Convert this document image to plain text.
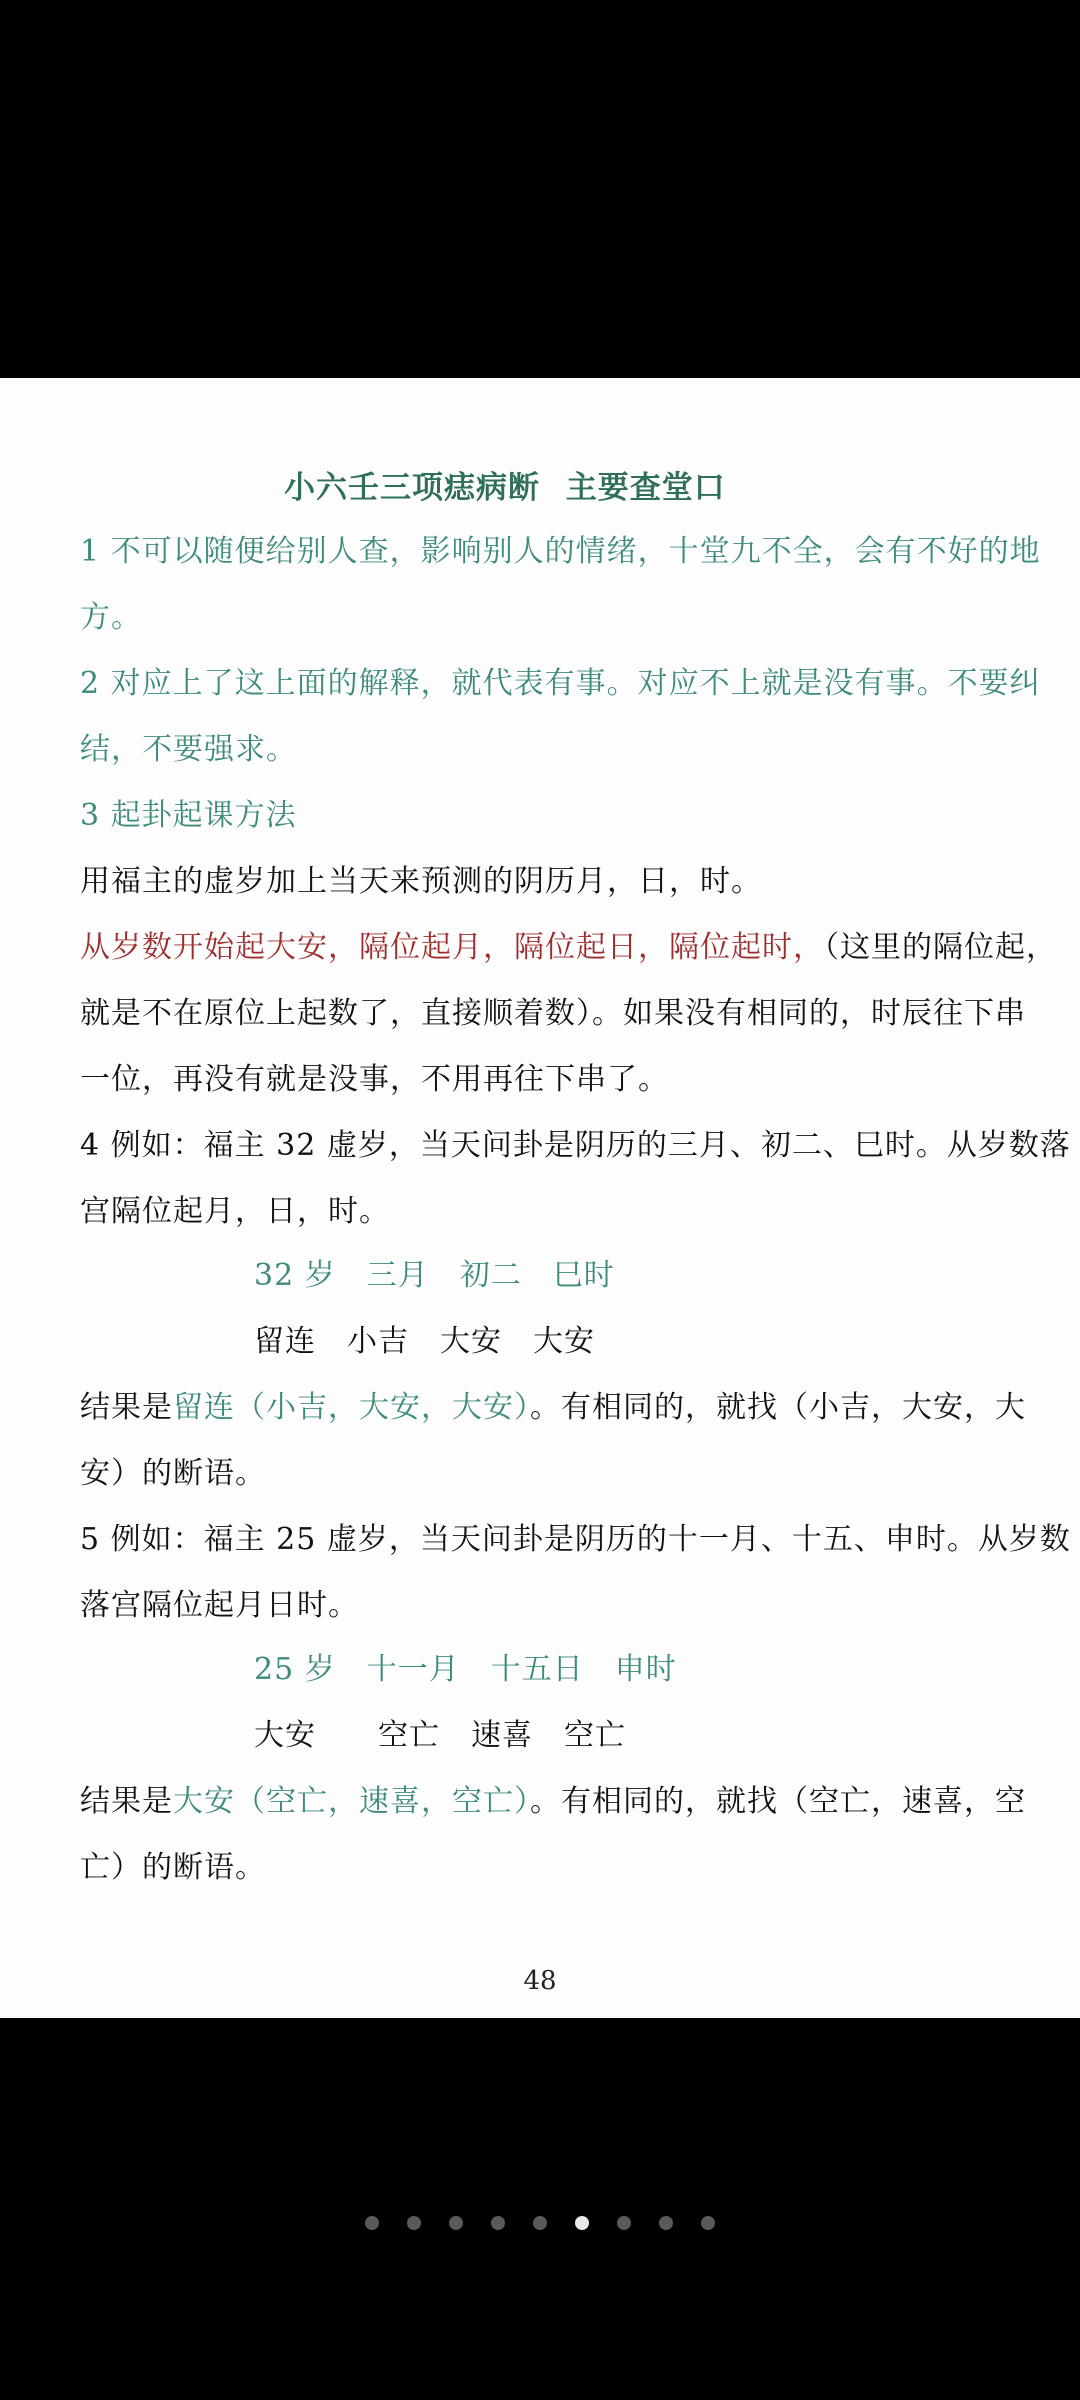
小六壬三项痣病断 主要查堂口
1 不可以随便给别人查，影响别人的情绪，十堂九不全，会有不好的地
方。
2 对应上了这上面的解释，就代表有事。对应不上就是没有事。不要纠
结，不要强求。
3 起卦起课方法
用福主的虚岁加上当天来预测的阴历月，日，时。
从岁数开始起大安，隔位起月，隔位起日，隔位起时，（这里的隔位起，
就是不在原位上起数了，直接顺着数）。如果没有相同的，时辰往下串
一位，再没有就是没事，不用再往下串了。
4 例如：福主 32 虚岁，当天问卦是阴历的三月、初二、巳时。从岁数落
宫隔位起月，日，时。
32 岁　三月　初二　巳时
留连　小吉　大安　大安
结果是留连（小吉，大安，大安）。有相同的，就找（小吉，大安，大
安）的断语。
5 例如：福主 25 虚岁，当天问卦是阴历的十一月、十五、申时。从岁数
落宫隔位起月日时。
25 岁　十一月　十五日　申时
大安　　空亡　速喜　空亡
结果是大安（空亡，速喜，空亡）。有相同的，就找（空亡，速喜，空
亡）的断语。
48
